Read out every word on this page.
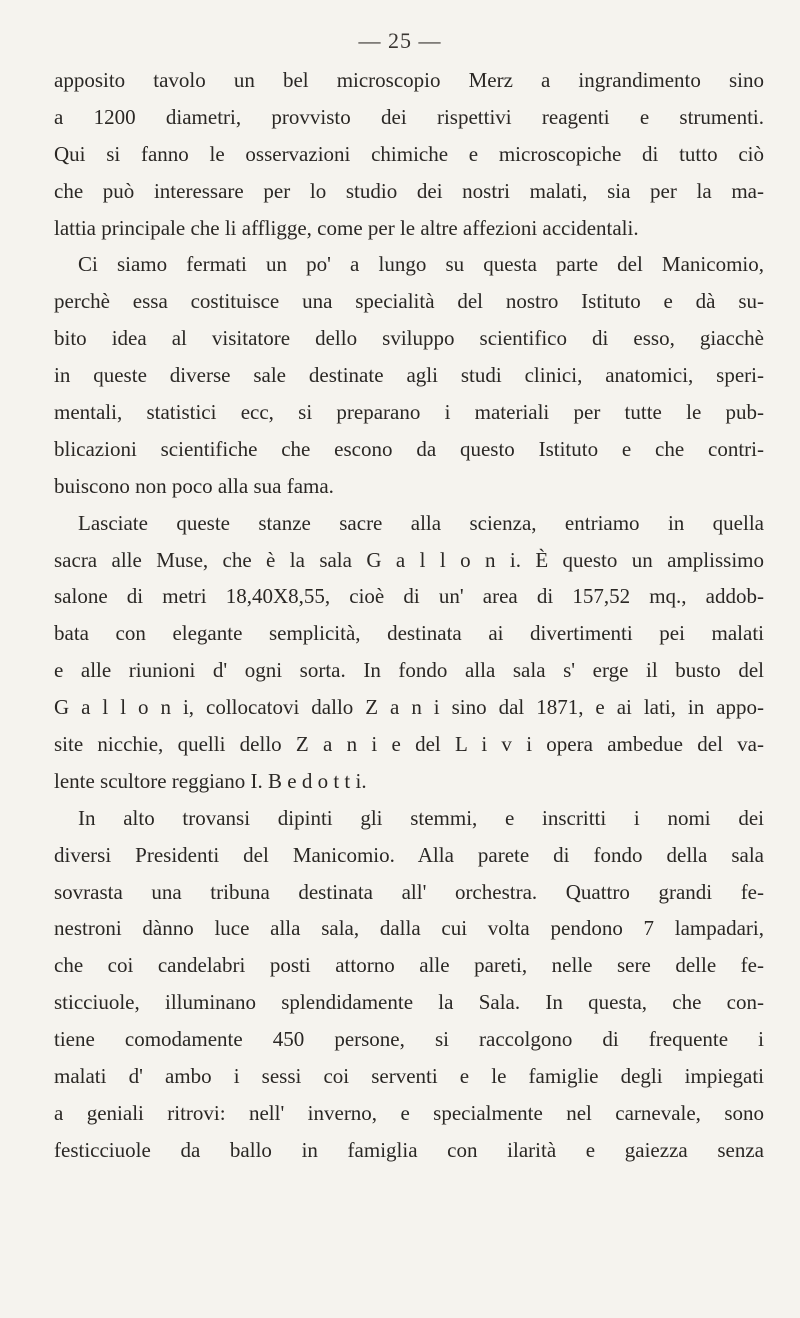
— 25 —
apposito tavolo un bel microscopio Merz a ingrandimento sino
a 1200 diametri, provvisto dei rispettivi reagenti e strumenti.
Qui si fanno le osservazioni chimiche e microscopiche di tutto ciò
che può interessare per lo studio dei nostri malati, sia per la ma-
lattia principale che li affligge, come per le altre affezioni accidentali.
Ci siamo fermati un po' a lungo su questa parte del Manicomio,
perchè essa costituisce una specialità del nostro Istituto e dà su-
bito idea al visitatore dello sviluppo scientifico di esso, giacchè
in queste diverse sale destinate agli studi clinici, anatomici, speri-
mentali, statistici ecc, si preparano i materiali per tutte le pub-
blicazioni scientifiche che escono da questo Istituto e che contri-
buiscono non poco alla sua fama.
Lasciate queste stanze sacre alla scienza, entriamo in quella
sacra alle Muse, che è la sala G a l l o n i. È questo un amplissimo
salone di metri 18,40X8,55, cioè di un' area di 157,52 mq., addob-
bata con elegante semplicità, destinata ai divertimenti pei malati
e alle riunioni d' ogni sorta. In fondo alla sala s' erge il busto del
G a l l o n i, collocatovi dallo Z a n i sino dal 1871, e ai lati, in appo-
site nicchie, quelli dello Z a n i e del L i v i opera ambedue del va-
lente scultore reggiano I. B e d o t t i.
In alto trovansi dipinti gli stemmi, e inscritti i nomi dei
diversi Presidenti del Manicomio. Alla parete di fondo della sala
sovrasta una tribuna destinata all' orchestra. Quattro grandi fe-
nestroni dànno luce alla sala, dalla cui volta pendono 7 lampadari,
che coi candelabri posti attorno alle pareti, nelle sere delle fe-
sticciuole, illuminano splendidamente la Sala. In questa, che con-
tiene comodamente 450 persone, si raccolgono di frequente i
malati d' ambo i sessi coi serventi e le famiglie degli impiegati
a geniali ritrovi: nell' inverno, e specialmente nel carnevale, sono
festicciuole da ballo in famiglia con ilarità e gaiezza senza
